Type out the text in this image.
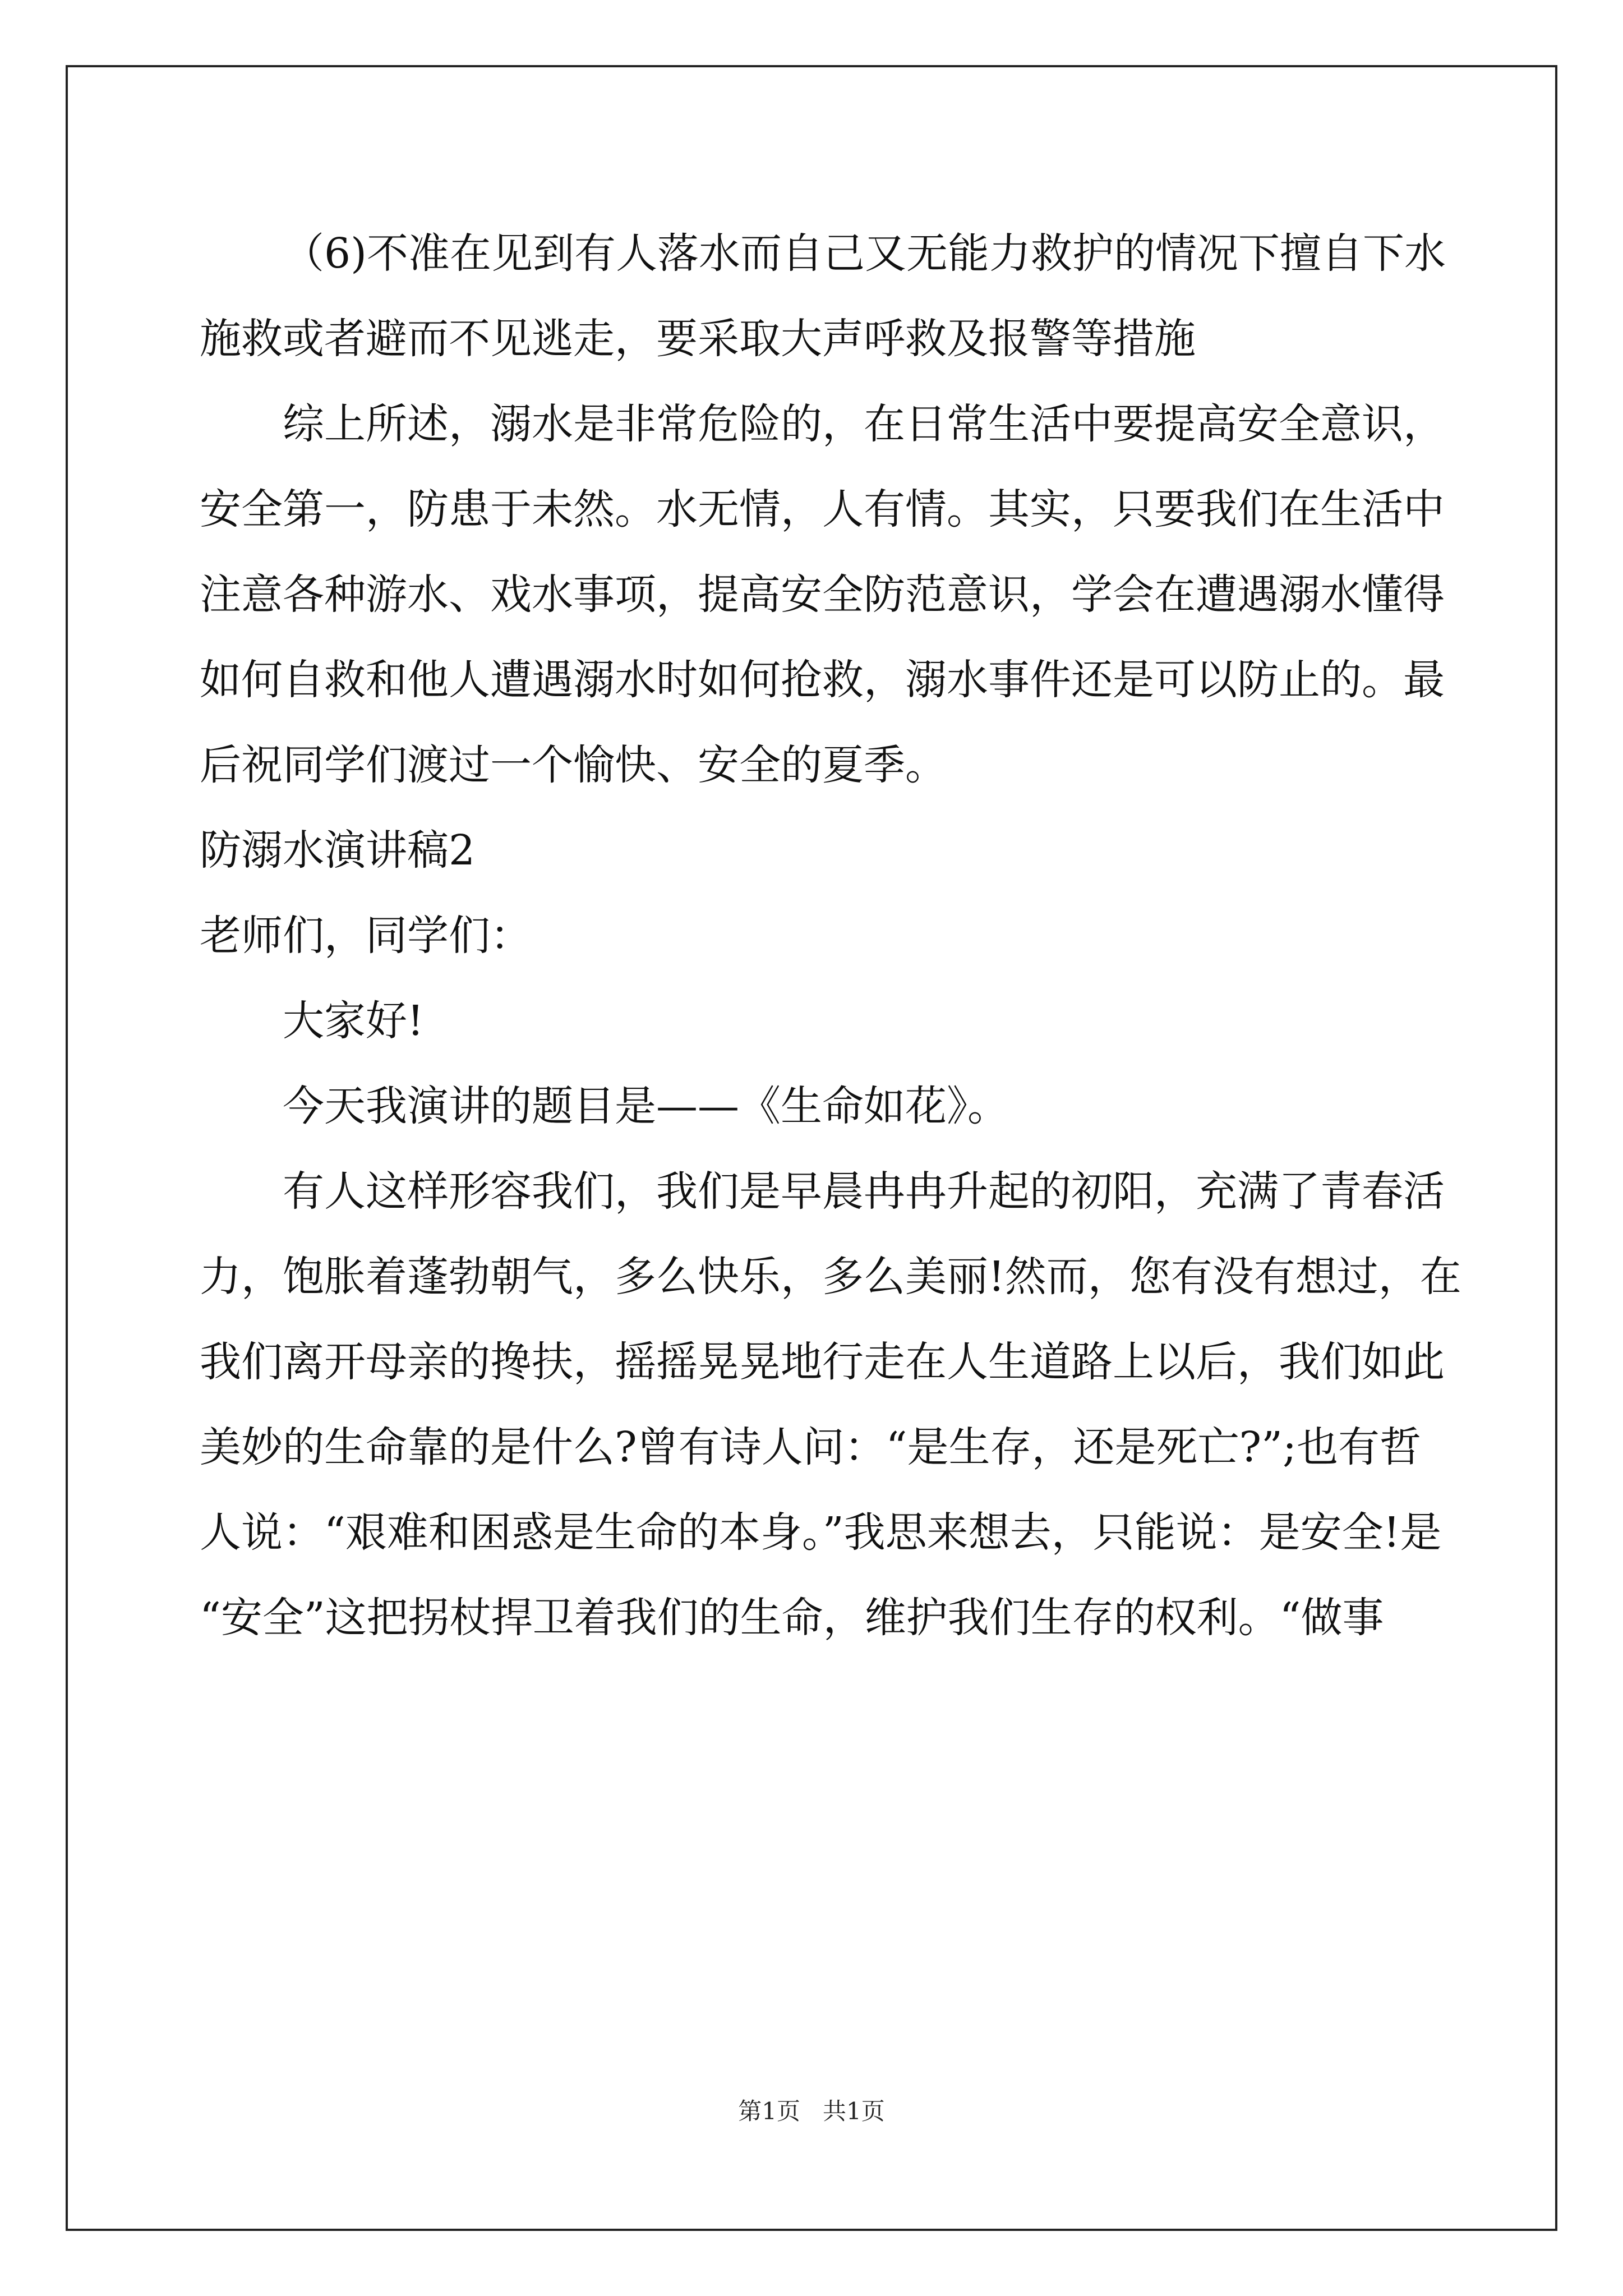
（6)不准在见到有人落水而自己又无能力救护的情况下擅自下水
施救或者避而不见逃走，要采取大声呼救及报警等措施
综上所述，溺水是非常危险的，在日常生活中要提高安全意识，
安全第一，防患于未然。水无情，人有情。其实，只要我们在生活中
注意各种游水、戏水事项，提高安全防范意识，学会在遭遇溺水懂得
如何自救和他人遭遇溺水时如何抢救，溺水事件还是可以防止的。最
后祝同学们渡过一个愉快、安全的夏季。
防溺水演讲稿2
老师们，同学们：
大家好!
今天我演讲的题目是——《生命如花》。
有人这样形容我们，我们是早晨冉冉升起的初阳，充满了青春活
力，饱胀着蓬勃朝气，多么快乐，多么美丽!然而，您有没有想过，在
我们离开母亲的搀扶，摇摇晃晃地行走在人生道路上以后，我们如此
美妙的生命靠的是什么?曾有诗人问：“是生存，还是死亡?”;也有哲
人说：“艰难和困惑是生命的本身。”我思来想去，只能说：是安全!是
“安全”这把拐杖捍卫着我们的生命，维护我们生存的权利。“做事
第1页 共1页
